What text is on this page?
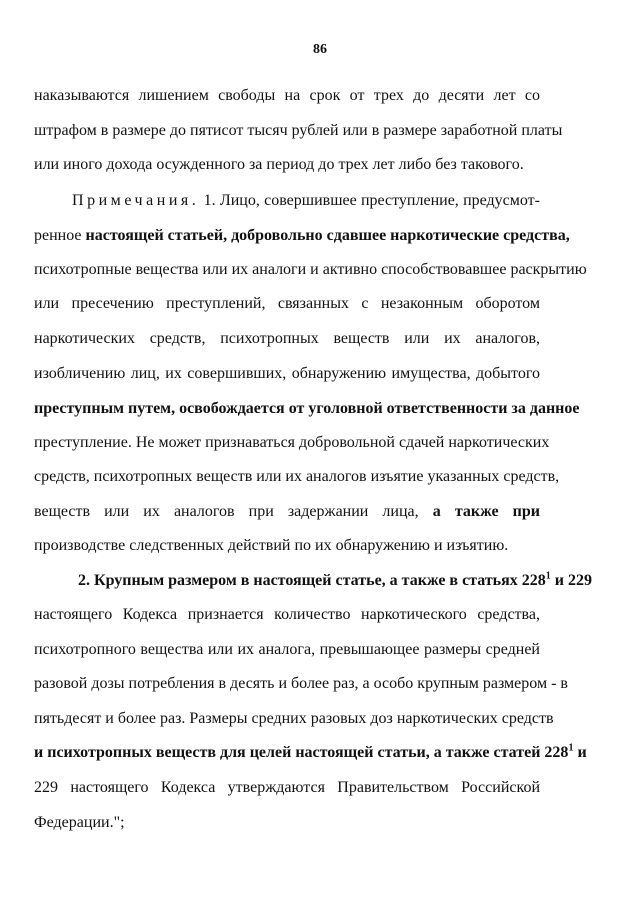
86
наказываются лишением свободы на срок от трех до десяти лет со
штрафом в размере до пятисот тысяч рублей или в размере заработной платы
или иного дохода осужденного за период до трех лет либо без такового.
Примечания. 1. Лицо, совершившее преступление, предусмот-
ренное настоящей статьей, добровольно сдавшее наркотические средства,
психотропные вещества или их аналоги и активно способствовавшее раскрытию
или пресечению преступлений, связанных с незаконным оборотом
наркотических средств, психотропных веществ или их аналогов,
изобличению лиц, их совершивших, обнаружению имущества, добытого
преступным путем, освобождается от уголовной ответственности за данное
преступление. Не может признаваться добровольной сдачей наркотических
средств, психотропных веществ или их аналогов изъятие указанных средств,
веществ или их аналогов при задержании лица, а также при
производстве следственных действий по их обнаружению и изъятию.
2. Крупным размером в настоящей статье, а также в статьях $228^1$ и 229
настоящего Кодекса признается количество наркотического средства,
психотропного вещества или их аналога, превышающее размеры средней
разовой дозы потребления в десять и более раз, а особо крупным размером - в
пятьдесят и более раз. Размеры средних разовых доз наркотических средств
и психотропных веществ для целей настоящей статьи, а также статей $228^1$ и
229 настоящего Кодекса утверждаются Правительством Российской
Федерации.";
